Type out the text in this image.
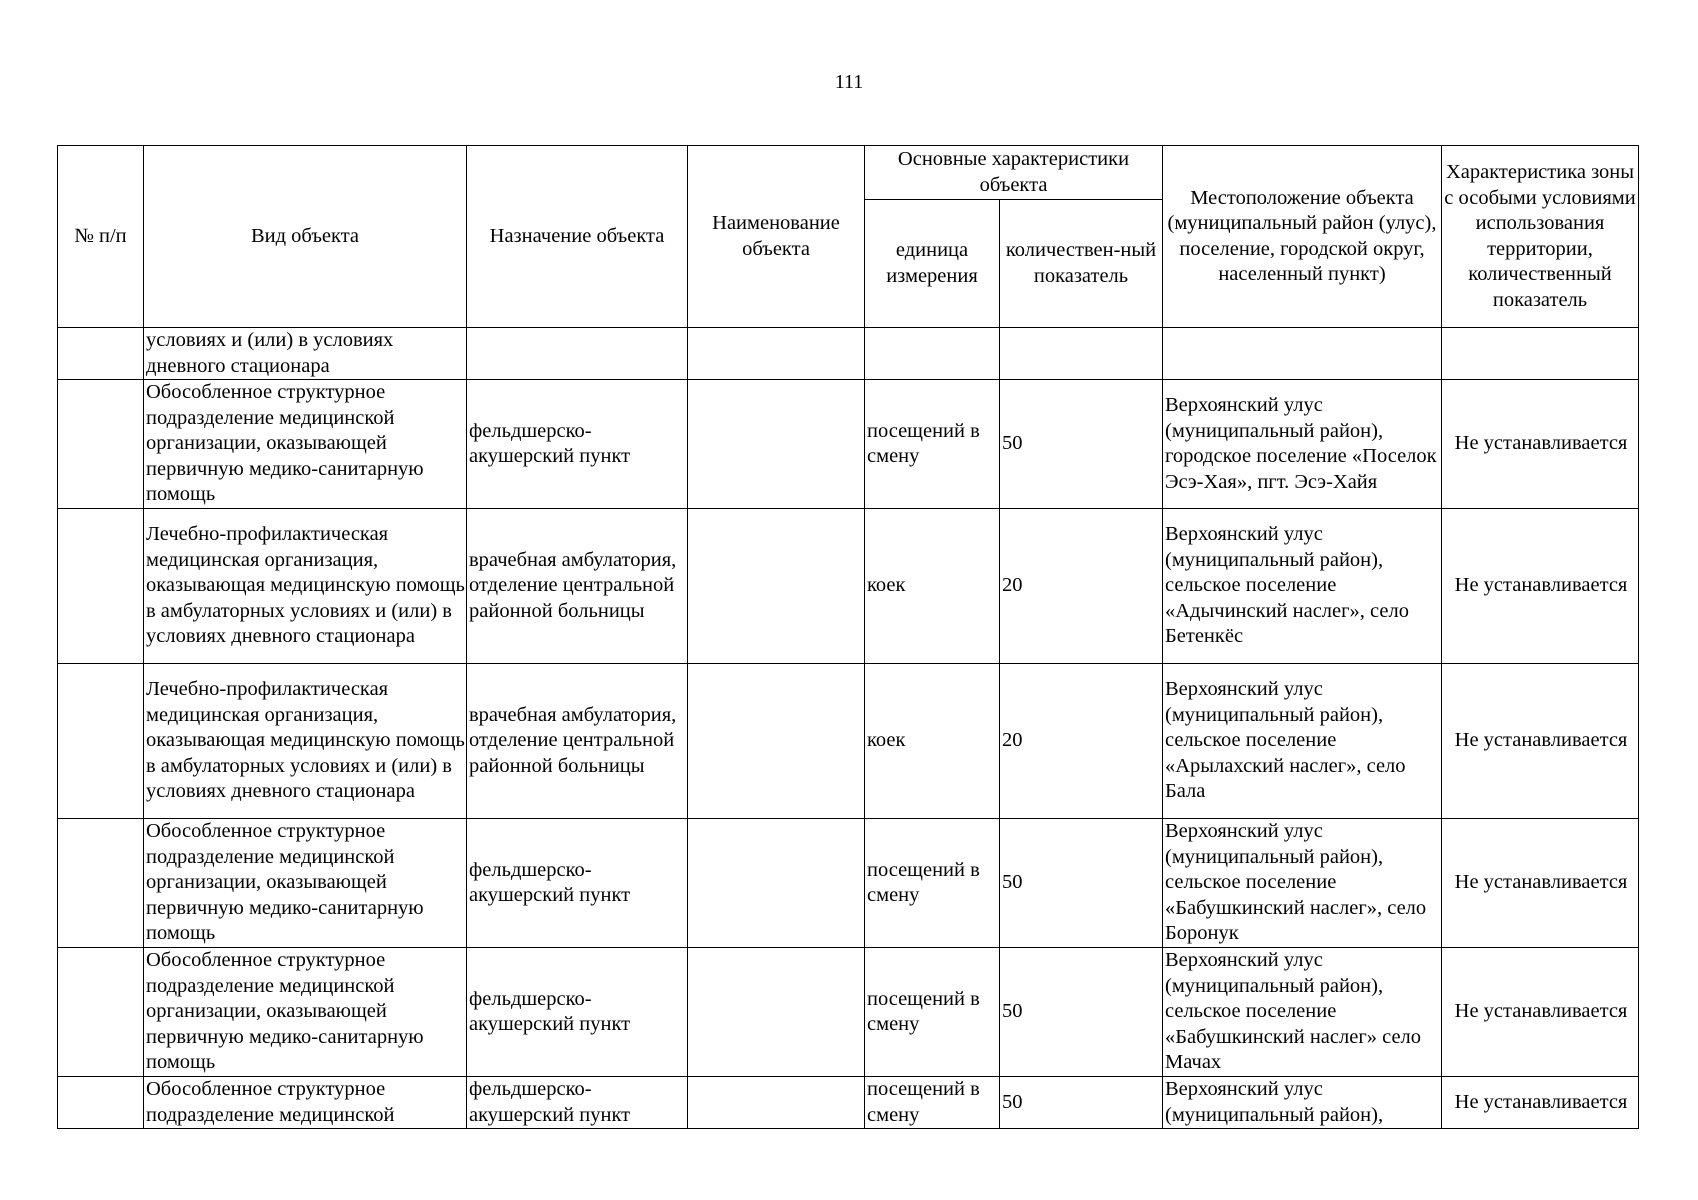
111
№ п/п	Вид объекта	Назначение объекта	Наименование объекта	Основные характеристики объекта		Местоположение объекта (муниципальный район (улус), поселение, городской округ, населенный пункт)	Характеристика зоны с особыми условиями использования территории, количественный показатель
				единица измерения	количествен-ный показатель		
	условиях и (или) в условиях дневного стационара						
	Обособленное структурное подразделение медицинской организации, оказывающей первичную медико-санитарную помощь	фельдшерско-акушерский пункт		посещений в смену	50	Верхоянский улус (муниципальный район), городское поселение «Поселок Эсэ-Хая», пгт. Эсэ-Хайя	Не устанавливается
	Лечебно-профилактическая медицинская организация, оказывающая медицинскую помощь в амбулаторных условиях и (или) в условиях дневного стационара	врачебная амбулатория, отделение центральной районной больницы		коек	20	Верхоянский улус (муниципальный район), сельское поселение «Адычинский наслег», село Бетенкёс	Не устанавливается
	Лечебно-профилактическая медицинская организация, оказывающая медицинскую помощь в амбулаторных условиях и (или) в условиях дневного стационара	врачебная амбулатория, отделение центральной районной больницы		коек	20	Верхоянский улус (муниципальный район), сельское поселение «Арылахский наслег», село Бала	Не устанавливается
	Обособленное структурное подразделение медицинской организации, оказывающей первичную медико-санитарную помощь	фельдшерско-акушерский пункт		посещений в смену	50	Верхоянский улус (муниципальный район), сельское поселение «Бабушкинский наслег», село Боронук	Не устанавливается
	Обособленное структурное подразделение медицинской организации, оказывающей первичную медико-санитарную помощь	фельдшерско-акушерский пункт		посещений в смену	50	Верхоянский улус (муниципальный район), сельское поселение «Бабушкинский наслег» село Мачах	Не устанавливается
	Обособленное структурное подразделение медицинской	фельдшерско-акушерский пункт		посещений в смену	50	Верхоянский улус (муниципальный район),	Не устанавливается
